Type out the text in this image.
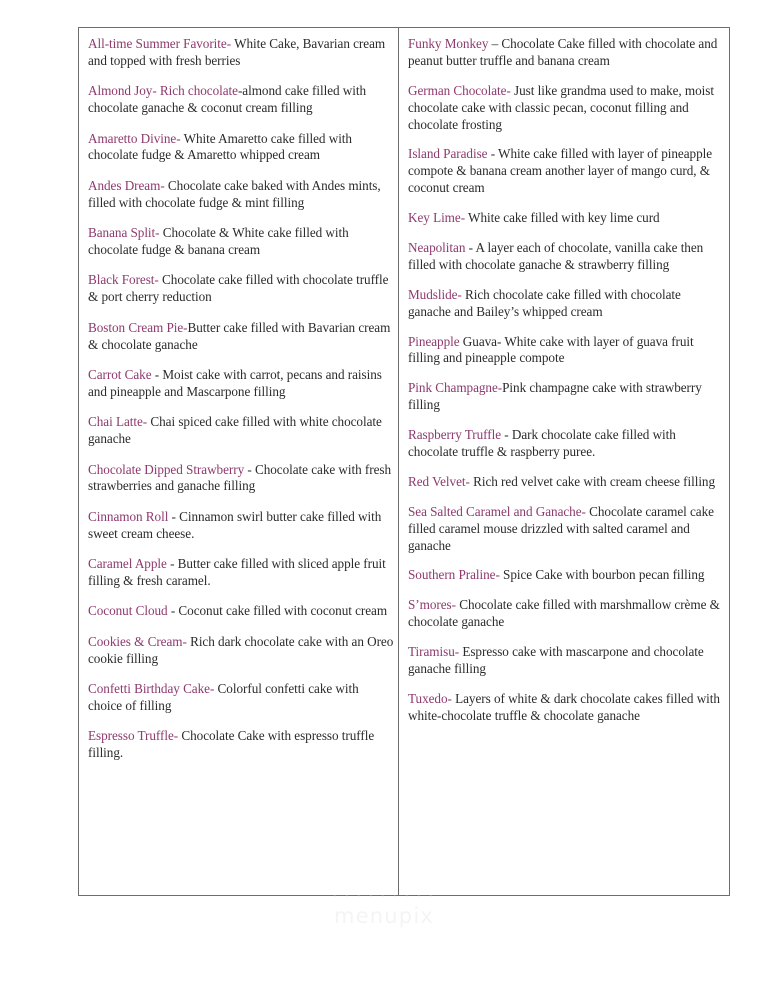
All-time Summer Favorite- White Cake, Bavarian cream and topped with fresh berries

Almond Joy- Rich chocolate-almond cake filled with chocolate ganache & coconut cream filling

Amaretto Divine- White Amaretto cake filled with chocolate fudge & Amaretto whipped cream

Andes Dream- Chocolate cake baked with Andes mints, filled with chocolate fudge & mint filling

Banana Split- Chocolate & White cake filled with chocolate fudge & banana cream

Black Forest- Chocolate cake filled with chocolate truffle & port cherry reduction

Boston Cream Pie-Butter cake filled with Bavarian cream & chocolate ganache

Carrot Cake - Moist cake with carrot, pecans and raisins and pineapple and Mascarpone filling

Chai Latte- Chai spiced cake filled with white chocolate ganache

Chocolate Dipped Strawberry - Chocolate cake with fresh strawberries and ganache filling

Cinnamon Roll - Cinnamon swirl butter cake filled with sweet cream cheese.

Caramel Apple - Butter cake filled with sliced apple fruit filling & fresh caramel.

Coconut Cloud - Coconut cake filled with coconut cream

Cookies & Cream- Rich dark chocolate cake with an Oreo cookie filling

Confetti Birthday Cake- Colorful confetti cake with choice of filling

Espresso Truffle- Chocolate Cake with espresso truffle filling.

Funky Monkey – Chocolate Cake filled with chocolate and peanut butter truffle and banana cream

German Chocolate- Just like grandma used to make, moist chocolate cake with classic pecan, coconut filling and chocolate frosting

Island Paradise - White cake filled with layer of pineapple compote & banana cream another layer of mango curd, & coconut cream

Key Lime- White cake filled with key lime curd

Neapolitan - A layer each of chocolate, vanilla cake then filled with chocolate ganache & strawberry filling

Mudslide- Rich chocolate cake filled with chocolate ganache and Bailey’s whipped cream

Pineapple Guava- White cake with layer of guava fruit filling and pineapple compote

Pink Champagne-Pink champagne cake with strawberry filling

Raspberry Truffle - Dark chocolate cake filled with chocolate truffle & raspberry puree.

Red Velvet- Rich red velvet cake with cream cheese filling

Sea Salted Caramel and Ganache- Chocolate caramel cake filled caramel mouse drizzled with salted caramel and ganache

Southern Praline- Spice Cake with bourbon pecan filling

S’mores- Chocolate cake filled with marshmallow crème & chocolate ganache

Tiramisu- Espresso cake with mascarpone and chocolate ganache filling

Tuxedo- Layers of white & dark chocolate cakes filled with white-chocolate truffle & chocolate ganache

· · · · · · · · ·
menupix
